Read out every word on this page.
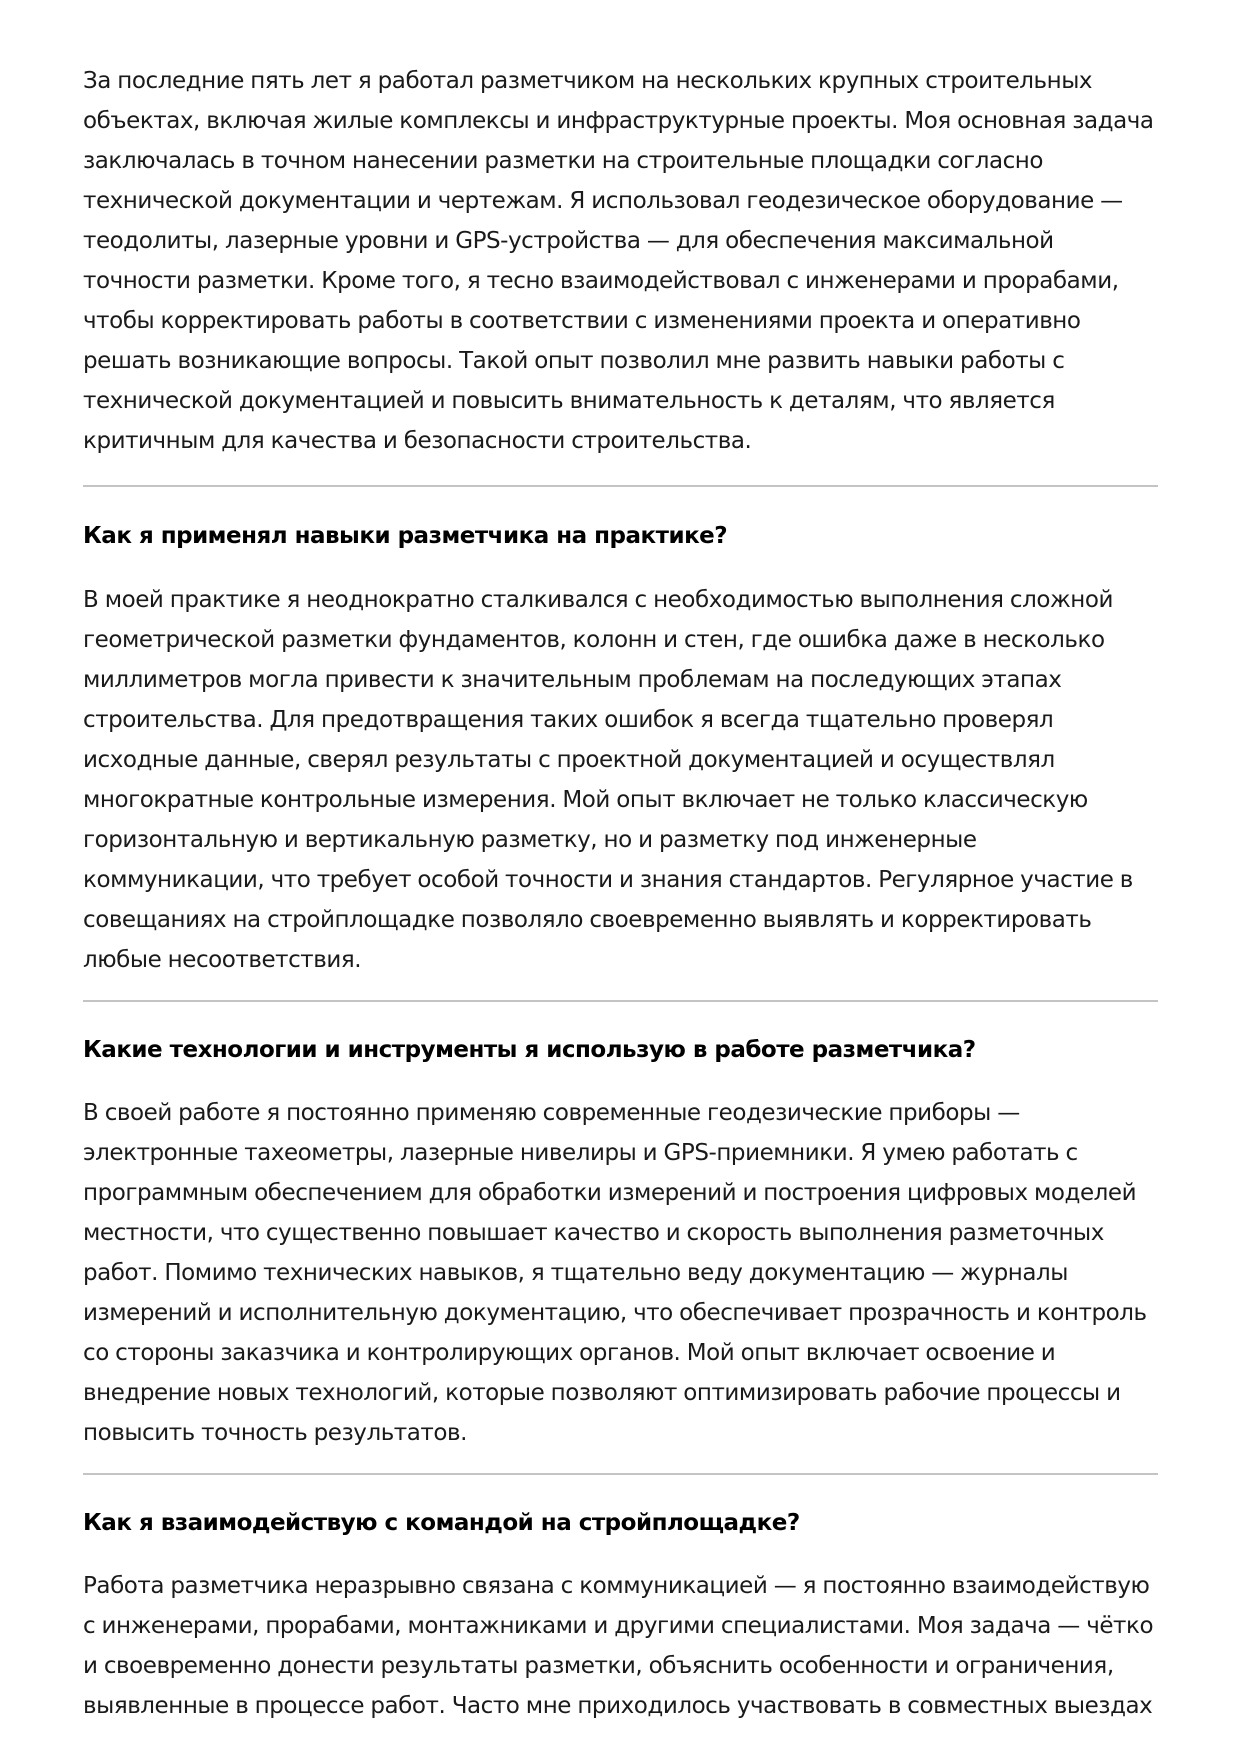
За последние пять лет я работал разметчиком на нескольких крупных строительных объектах, включая жилые комплексы и инфраструктурные проекты. Моя основная задача заключалась в точном нанесении разметки на строительные площадки согласно технической документации и чертежам. Я использовал геодезическое оборудование — теодолиты, лазерные уровни и GPS-устройства — для обеспечения максимальной точности разметки. Кроме того, я тесно взаимодействовал с инженерами и прорабами, чтобы корректировать работы в соответствии с изменениями проекта и оперативно решать возникающие вопросы. Такой опыт позволил мне развить навыки работы с технической документацией и повысить внимательность к деталям, что является критичным для качества и безопасности строительства.

Как я применял навыки разметчика на практике?

В моей практике я неоднократно сталкивался с необходимостью выполнения сложной геометрической разметки фундаментов, колонн и стен, где ошибка даже в несколько миллиметров могла привести к значительным проблемам на последующих этапах строительства. Для предотвращения таких ошибок я всегда тщательно проверял исходные данные, сверял результаты с проектной документацией и осуществлял многократные контрольные измерения. Мой опыт включает не только классическую горизонтальную и вертикальную разметку, но и разметку под инженерные коммуникации, что требует особой точности и знания стандартов. Регулярное участие в совещаниях на стройплощадке позволяло своевременно выявлять и корректировать любые несоответствия.

Какие технологии и инструменты я использую в работе разметчика?

В своей работе я постоянно применяю современные геодезические приборы — электронные тахеометры, лазерные нивелиры и GPS-приемники. Я умею работать с программным обеспечением для обработки измерений и построения цифровых моделей местности, что существенно повышает качество и скорость выполнения разметочных работ. Помимо технических навыков, я тщательно веду документацию — журналы измерений и исполнительную документацию, что обеспечивает прозрачность и контроль со стороны заказчика и контролирующих органов. Мой опыт включает освоение и внедрение новых технологий, которые позволяют оптимизировать рабочие процессы и повысить точность результатов.

Как я взаимодействую с командой на стройплощадке?

Работа разметчика неразрывно связана с коммуникацией — я постоянно взаимодействую с инженерами, прорабами, монтажниками и другими специалистами. Моя задача — чётко и своевременно донести результаты разметки, объяснить особенности и ограничения, выявленные в процессе работ. Часто мне приходилось участвовать в совместных выездах
